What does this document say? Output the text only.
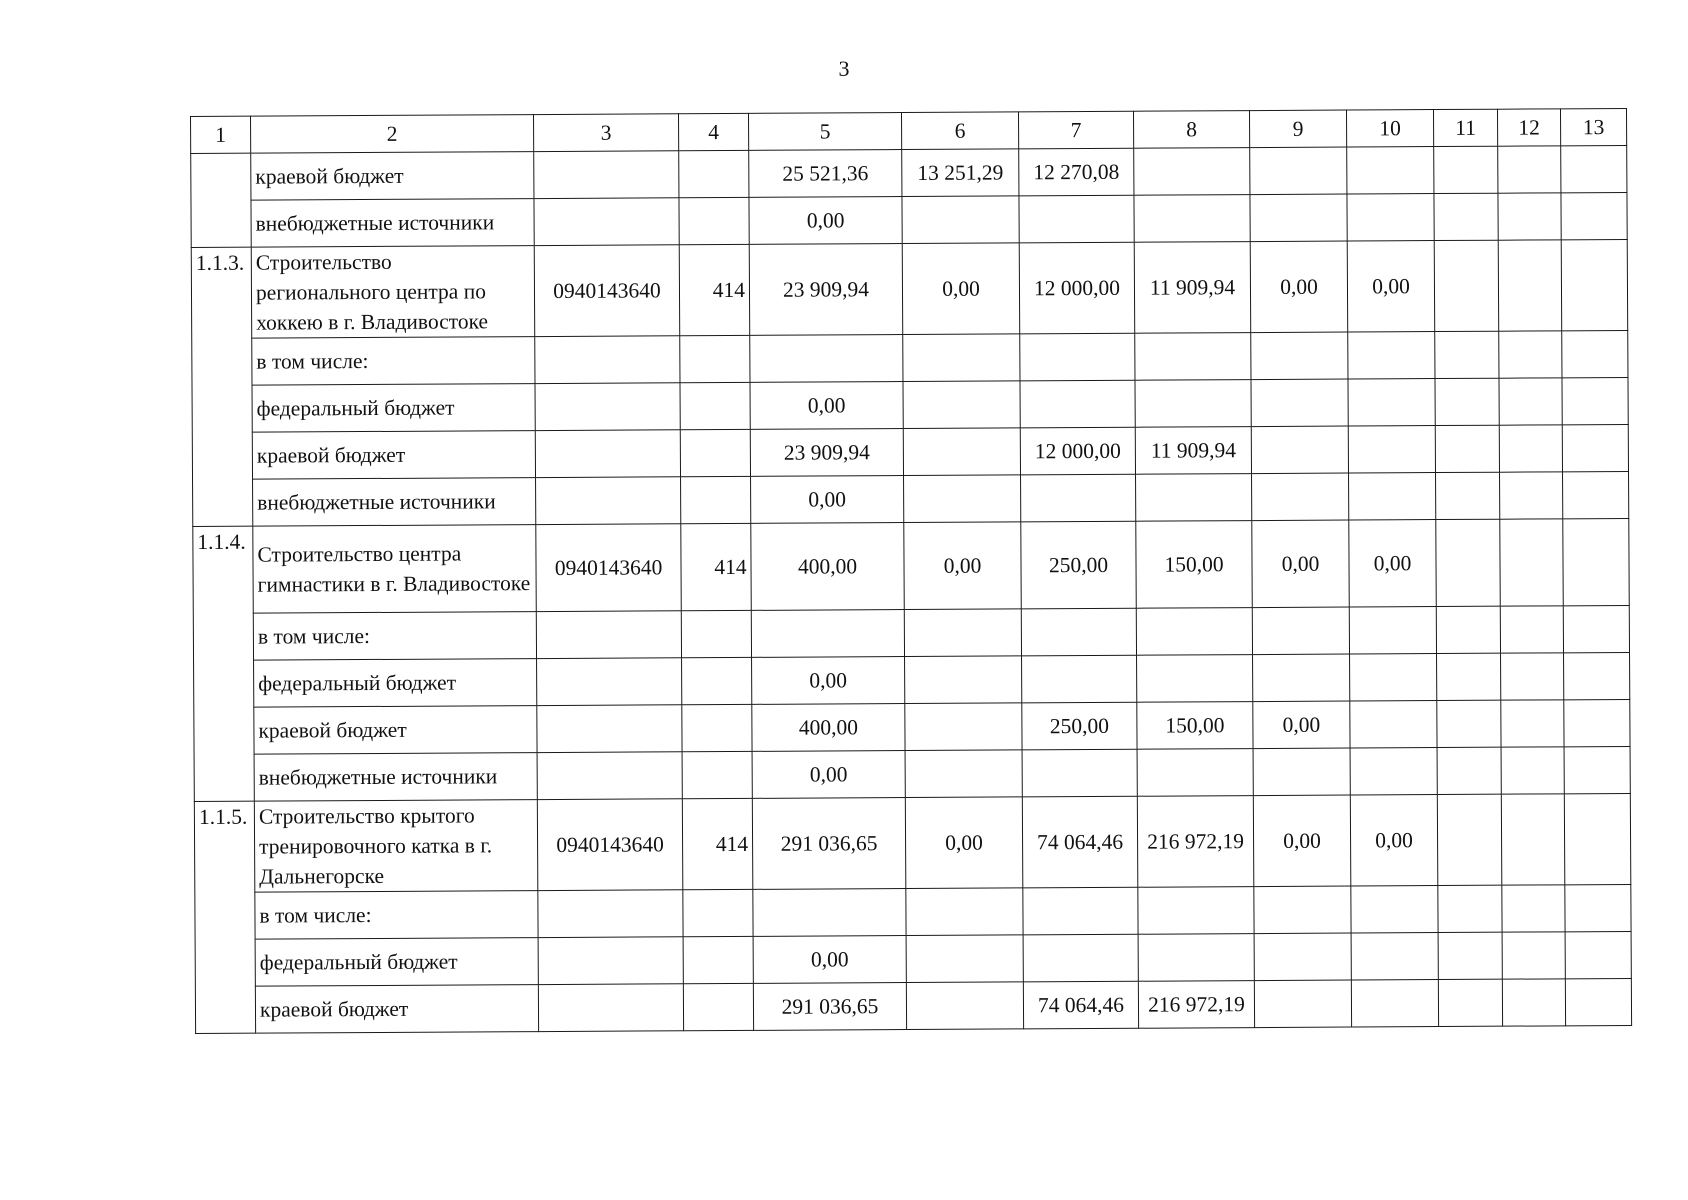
3
1	2	3	4	5	6	7	8	9	10	11	12	13
	краевой бюджет			25 521,36	13 251,29	12 270,08						
	внебюджетные источники			0,00								
1.1.3.	Строительство регионального центра по хоккею в г. Владивостоке	0940143640	414	23 909,94	0,00	12 000,00	11 909,94	0,00	0,00			
	в том числе:											
	федеральный бюджет			0,00								
	краевой бюджет			23 909,94		12 000,00	11 909,94					
	внебюджетные источники			0,00								
1.1.4.	Строительство центра гимнастики в г. Владивостоке	0940143640	414	400,00	0,00	250,00	150,00	0,00	0,00			
	в том числе:											
	федеральный бюджет			0,00								
	краевой бюджет			400,00		250,00	150,00	0,00				
	внебюджетные источники			0,00								
1.1.5.	Строительство крытого тренировочного катка в г. Дальнегорске	0940143640	414	291 036,65	0,00	74 064,46	216 972,19	0,00	0,00			
	в том числе:											
	федеральный бюджет			0,00								
	краевой бюджет			291 036,65		74 064,46	216 972,19					
